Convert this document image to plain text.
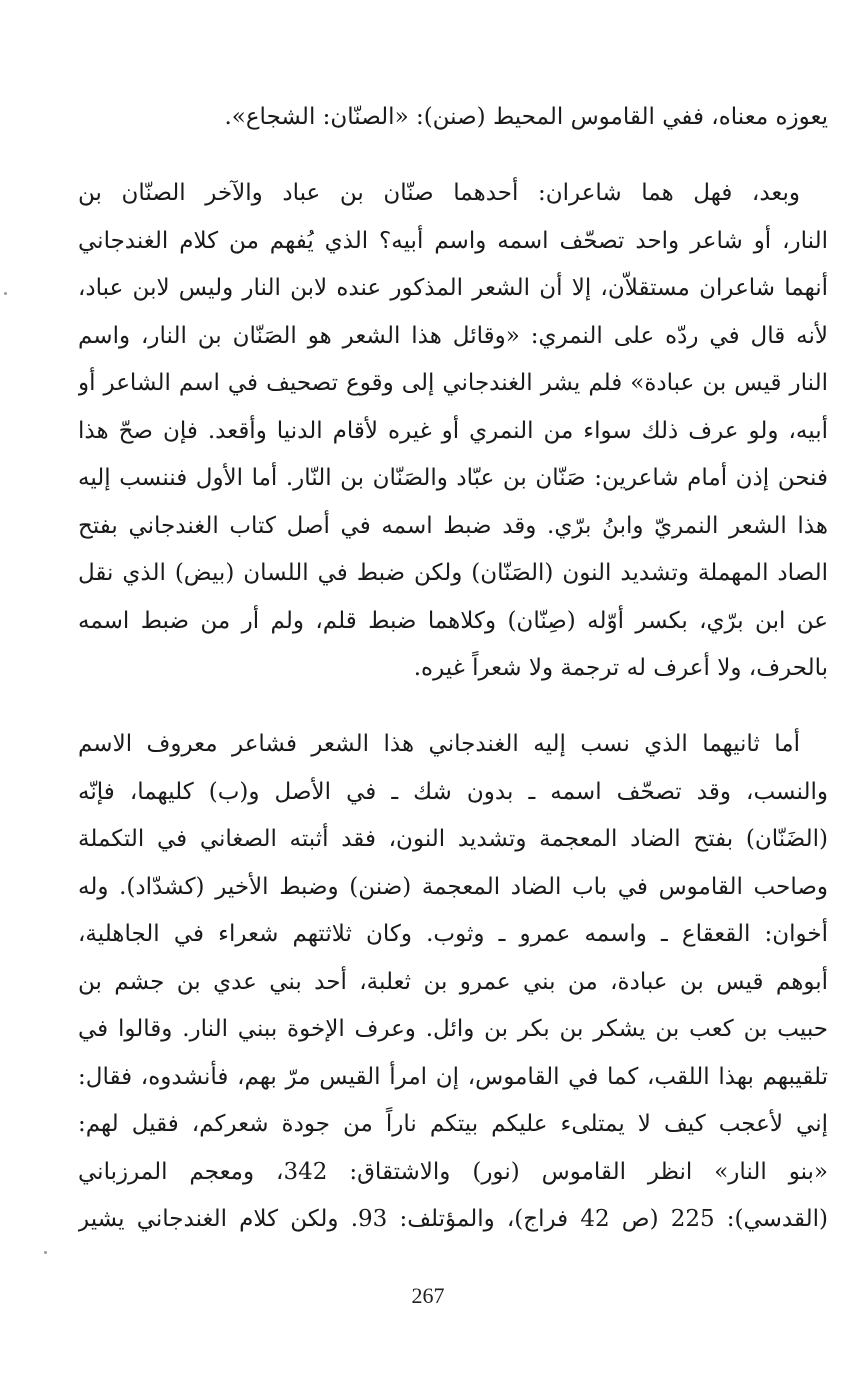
يعوزه معناه، ففي القاموس المحيط (صنن): «الصنّان: الشجاع».
وبعد، فهل هما شاعران: أحدهما صنّان بن عباد والآخر الصنّان بن
النار، أو شاعر واحد تصحّف اسمه واسم أبيه؟ الذي يُفهم من كلام الغندجاني
أنهما شاعران مستقلاّن، إلا أن الشعر المذكور عنده لابن النار وليس لابن عباد،
لأنه قال في ردّه على النمري: «وقائل هذا الشعر هو الصَنّان بن النار، واسم
النار قيس بن عبادة» فلم يشر الغندجاني إلى وقوع تصحيف في اسم الشاعر أو
أبيه، ولو عرف ذلك سواء من النمري أو غيره لأقام الدنيا وأقعد. فإن صحّ هذا
فنحن إذن أمام شاعرين: صَنّان بن عبّاد والصَنّان بن النّار. أما الأول فننسب إليه
هذا الشعر النمريّ وابنُ برّي. وقد ضبط اسمه في أصل كتاب الغندجاني بفتح
الصاد المهملة وتشديد النون (الصَنّان) ولكن ضبط في اللسان (بيض) الذي نقل
عن ابن برّي، بكسر أوّله (صِنّان) وكلاهما ضبط قلم، ولم أر من ضبط اسمه
بالحرف، ولا أعرف له ترجمة ولا شعراً غيره.
أما ثانيهما الذي نسب إليه الغندجاني هذا الشعر فشاعر معروف الاسم
والنسب، وقد تصحّف اسمه ـ بدون شك ـ في الأصل و(ب) كليهما، فإنّه
(الضَنّان) بفتح الضاد المعجمة وتشديد النون، فقد أثبته الصغاني في التكملة
وصاحب القاموس في باب الضاد المعجمة (ضنن) وضبط الأخير (كشدّاد). وله
أخوان: القعقاع ـ واسمه عمرو ـ وثوب. وكان ثلاثتهم شعراء في الجاهلية،
أبوهم قيس بن عبادة، من بني عمرو بن ثعلبة، أحد بني عدي بن جشم بن
حبيب بن كعب بن يشكر بن بكر بن وائل. وعرف الإخوة ببني النار. وقالوا في
تلقيبهم بهذا اللقب، كما في القاموس، إن امرأ القيس مرّ بهم، فأنشدوه، فقال:
إني لأعجب كيف لا يمتلىء عليكم بيتكم ناراً من جودة شعركم، فقيل لهم:
«بنو النار» انظر القاموس (نور) والاشتقاق: 342، ومعجم المرزباني
(القدسي): 225 (ص 42 فراج)، والمؤتلف: 93. ولكن كلام الغندجاني يشير
267
